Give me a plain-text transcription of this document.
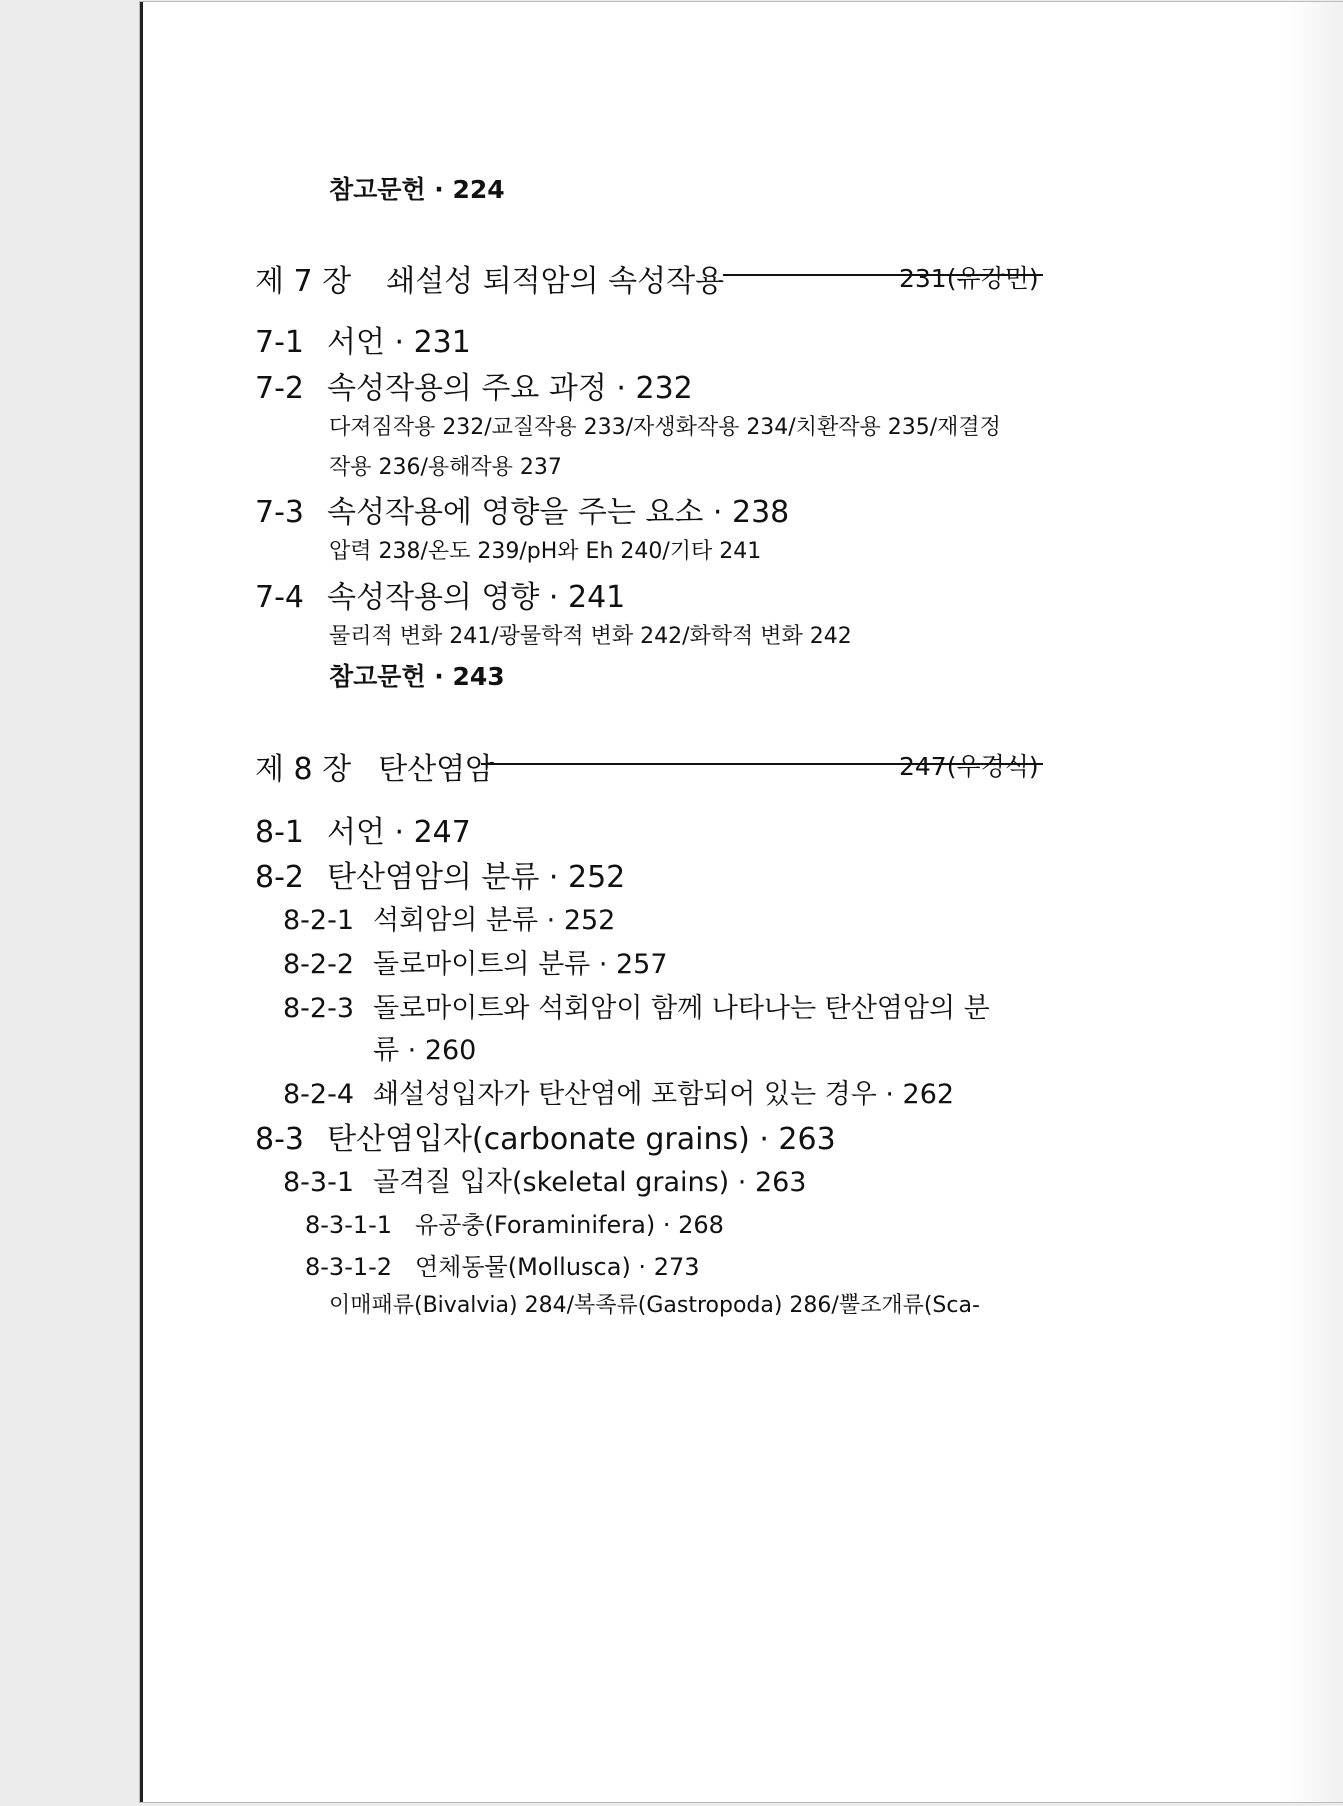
참고문헌 · 224
제 7 장 쇄설성 퇴적암의 속성작용	231(유강민)
7-1 서언 · 231
7-2 속성작용의 주요 과정 · 232
다져짐작용 232/교질작용 233/자생화작용 234/치환작용 235/재결정
작용 236/용해작용 237
7-3 속성작용에 영향을 주는 요소 · 238
압력 238/온도 239/pH와 Eh 240/기타 241
7-4 속성작용의 영향 · 241
물리적 변화 241/광물학적 변화 242/화학적 변화 242
참고문헌 · 243
제 8 장 탄산염암	247(우경식)
8-1 서언 · 247
8-2 탄산염암의 분류 · 252
8-2-1 석회암의 분류 · 252
8-2-2 돌로마이트의 분류 · 257
8-2-3 돌로마이트와 석회암이 함께 나타나는 탄산염암의 분
류 · 260
8-2-4 쇄설성입자가 탄산염에 포함되어 있는 경우 · 262
8-3 탄산염입자(carbonate grains) · 263
8-3-1 골격질 입자(skeletal grains) · 263
8-3-1-1 유공충(Foraminifera) · 268
8-3-1-2 연체동물(Mollusca) · 273
이매패류(Bivalvia) 284/복족류(Gastropoda) 286/뿔조개류(Sca-
